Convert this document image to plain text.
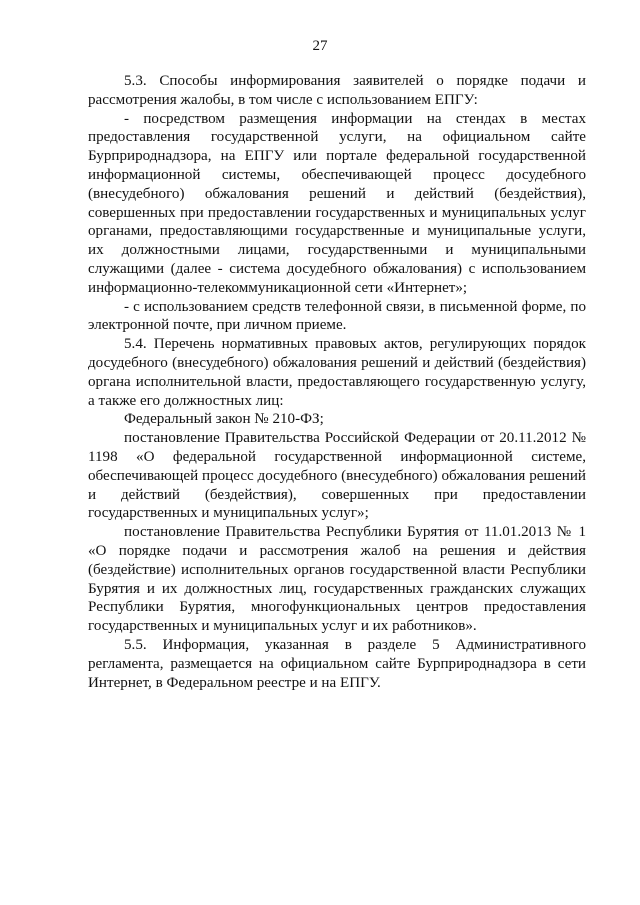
27

5.3. Способы информирования заявителей о порядке подачи и рассмотрения жалобы, в том числе с использованием ЕПГУ:

- посредством размещения информации на стендах в местах предоставления государственной услуги, на официальном сайте Бурприроднадзора, на ЕПГУ или портале федеральной государственной информационной системы, обеспечивающей процесс досудебного (внесудебного) обжалования решений и действий (бездействия), совершенных при предоставлении государственных и муниципальных услуг органами, предоставляющими государственные и муниципальные услуги, их должностными лицами, государственными и муниципальными служащими (далее - система досудебного обжалования) с использованием информационно-телекоммуникационной сети «Интернет»;

- с использованием средств телефонной связи, в письменной форме, по электронной почте, при личном приеме.

5.4. Перечень нормативных правовых актов, регулирующих порядок досудебного (внесудебного) обжалования решений и действий (бездействия) органа исполнительной власти, предоставляющего государственную услугу, а также его должностных лиц:

Федеральный закон № 210-ФЗ;

постановление Правительства Российской Федерации от 20.11.2012 № 1198 «О федеральной государственной информационной системе, обеспечивающей процесс досудебного (внесудебного) обжалования решений и действий (бездействия), совершенных при предоставлении государственных и муниципальных услуг»;

постановление Правительства Республики Бурятия от 11.01.2013 № 1 «О порядке подачи и рассмотрения жалоб на решения и действия (бездействие) исполнительных органов государственной власти Республики Бурятия и их должностных лиц, государственных гражданских служащих Республики Бурятия, многофункциональных центров предоставления государственных и муниципальных услуг и их работников».

5.5. Информация, указанная в разделе 5 Административного регламента, размещается на официальном сайте Бурприроднадзора в сети Интернет, в Федеральном реестре и на ЕПГУ.
